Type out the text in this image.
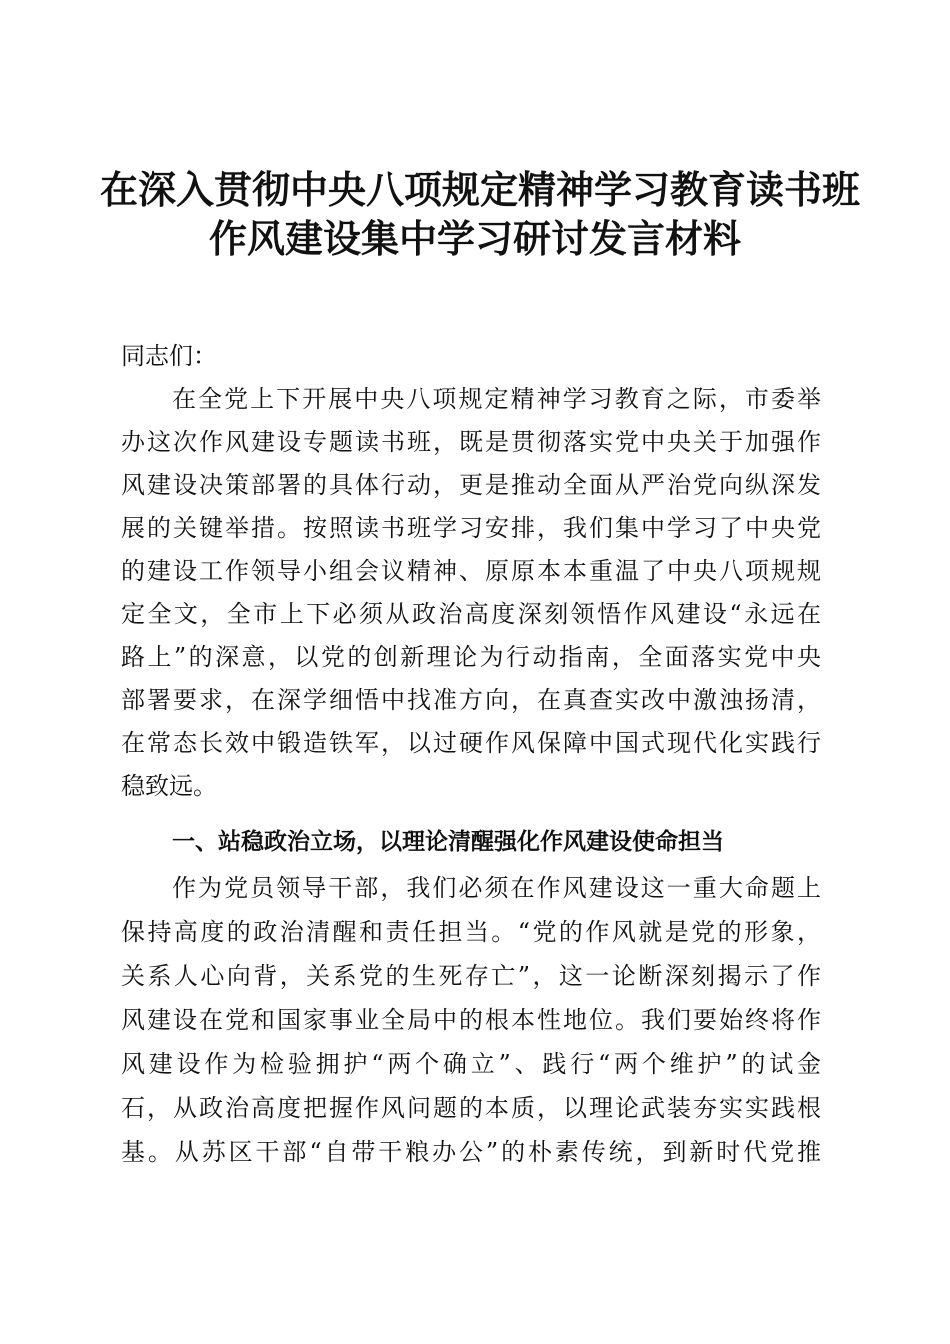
在深入贯彻中央八项规定精神学习教育读书班
作风建设集中学习研讨发言材料
同志们：
在全党上下开展中央八项规定精神学习教育之际，市委举
办这次作风建设专题读书班，既是贯彻落实党中央关于加强作
风建设决策部署的具体行动，更是推动全面从严治党向纵深发
展的关键举措。按照读书班学习安排，我们集中学习了中央党
的建设工作领导小组会议精神、原原本本重温了中央八项规规
定全文，全市上下必须从政治高度深刻领悟作风建设“永远在
路上”的深意，以党的创新理论为行动指南，全面落实党中央
部署要求，在深学细悟中找准方向，在真查实改中激浊扬清，
在常态长效中锻造铁军，以过硬作风保障中国式现代化实践行
稳致远。
一、站稳政治立场，以理论清醒强化作风建设使命担当
作为党员领导干部，我们必须在作风建设这一重大命题上
保持高度的政治清醒和责任担当。“党的作风就是党的形象，
关系人心向背，关系党的生死存亡”，这一论断深刻揭示了作
风建设在党和国家事业全局中的根本性地位。我们要始终将作
风建设作为检验拥护“两个确立”、践行“两个维护”的试金
石，从政治高度把握作风问题的本质，以理论武装夯实实践根
基。从苏区干部“自带干粮办公”的朴素传统，到新时代党推
